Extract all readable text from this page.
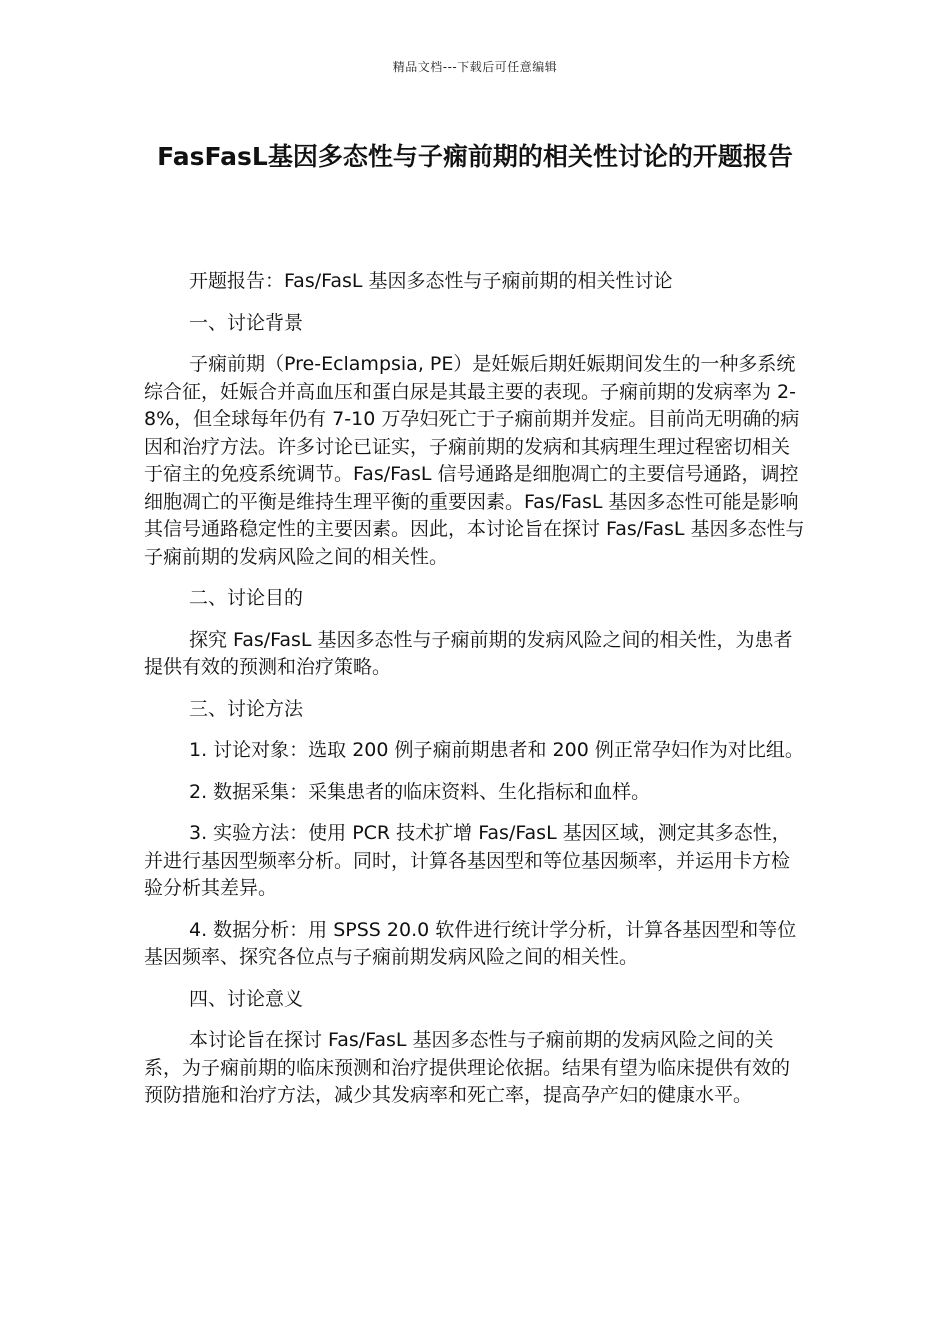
精品文档---下载后可任意编辑
FasFasL基因多态性与子痫前期的相关性讨论的开题报告

开题报告：Fas/FasL 基因多态性与子痫前期的相关性讨论

一、讨论背景

子痫前期（Pre-Eclampsia, PE）是妊娠后期妊娠期间发生的一种多系统综合征，妊娠合并高血压和蛋白尿是其最主要的表现。子痫前期的发病率为 2-8%，但全球每年仍有 7-10 万孕妇死亡于子痫前期并发症。目前尚无明确的病因和治疗方法。许多讨论已证实，子痫前期的发病和其病理生理过程密切相关于宿主的免疫系统调节。Fas/FasL 信号通路是细胞凋亡的主要信号通路，调控细胞凋亡的平衡是维持生理平衡的重要因素。Fas/FasL 基因多态性可能是影响其信号通路稳定性的主要因素。因此，本讨论旨在探讨 Fas/FasL 基因多态性与子痫前期的发病风险之间的相关性。

二、讨论目的

探究 Fas/FasL 基因多态性与子痫前期的发病风险之间的相关性，为患者提供有效的预测和治疗策略。

三、讨论方法

1. 讨论对象：选取 200 例子痫前期患者和 200 例正常孕妇作为对比组。

2. 数据采集：采集患者的临床资料、生化指标和血样。

3. 实验方法：使用 PCR 技术扩增 Fas/FasL 基因区域，测定其多态性，并进行基因型频率分析。同时，计算各基因型和等位基因频率，并运用卡方检验分析其差异。

4. 数据分析：用 SPSS 20.0 软件进行统计学分析，计算各基因型和等位基因频率、探究各位点与子痫前期发病风险之间的相关性。

四、讨论意义

本讨论旨在探讨 Fas/FasL 基因多态性与子痫前期的发病风险之间的关系，为子痫前期的临床预测和治疗提供理论依据。结果有望为临床提供有效的预防措施和治疗方法，减少其发病率和死亡率，提高孕产妇的健康水平。
